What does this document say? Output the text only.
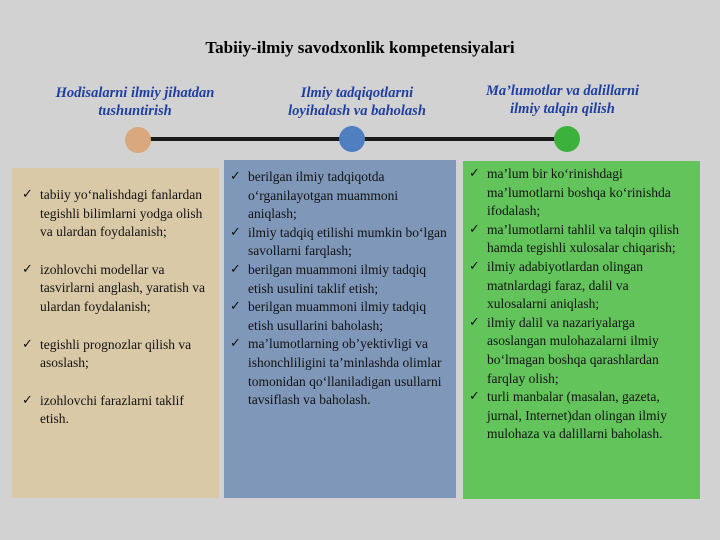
Tabiiy-ilmiy savodxonlik kompetensiyalari
Hodisalarni ilmiy jihatdan tushuntirish
Ilmiy tadqiqotlarni loyihalash va baholash
Ma’lumotlar va dalillarni ilmiy talqin qilish
✓ tabiiy yo‘nalishdagi fanlardan tegishli bilimlarni yodga olish va ulardan foydalanish;
✓ izohlovchi modellar va tasvirlarni anglash, yaratish va ulardan foydalanish;
✓ tegishli prognozlar qilish va asoslash;
✓ izohlovchi farazlarni taklif etish.
✓ berilgan ilmiy tadqiqotda o‘rganilayotgan muammoni aniqlash;
✓ ilmiy tadqiq etilishi mumkin bo‘lgan savollarni farqlash;
✓ berilgan muammoni ilmiy tadqiq etish usulini taklif etish;
✓ berilgan muammoni ilmiy tadqiq etish usullarini baholash;
✓ ma’lumotlarning ob’yektivligi va ishonchliligini ta’minlashda olimlar tomonidan qo‘llaniladigan usullarni tavsiflash va baholash.
✓ ma’lum bir ko‘rinishdagi ma’lumotlarni boshqa ko‘rinishda ifodalash;
✓ ma’lumotlarni tahlil va talqin qilish hamda tegishli xulosalar chiqarish;
✓ ilmiy adabiyotlardan olingan matnlardagi faraz, dalil va xulosalarni aniqlash;
✓ ilmiy dalil va nazariyalarga asoslangan mulohazalarni ilmiy bo‘lmagan boshqa qarashlardan farqlay olish;
✓ turli manbalar (masalan, gazeta, jurnal, Internet)dan olingan ilmiy mulohaza va dalillarni baholash.
